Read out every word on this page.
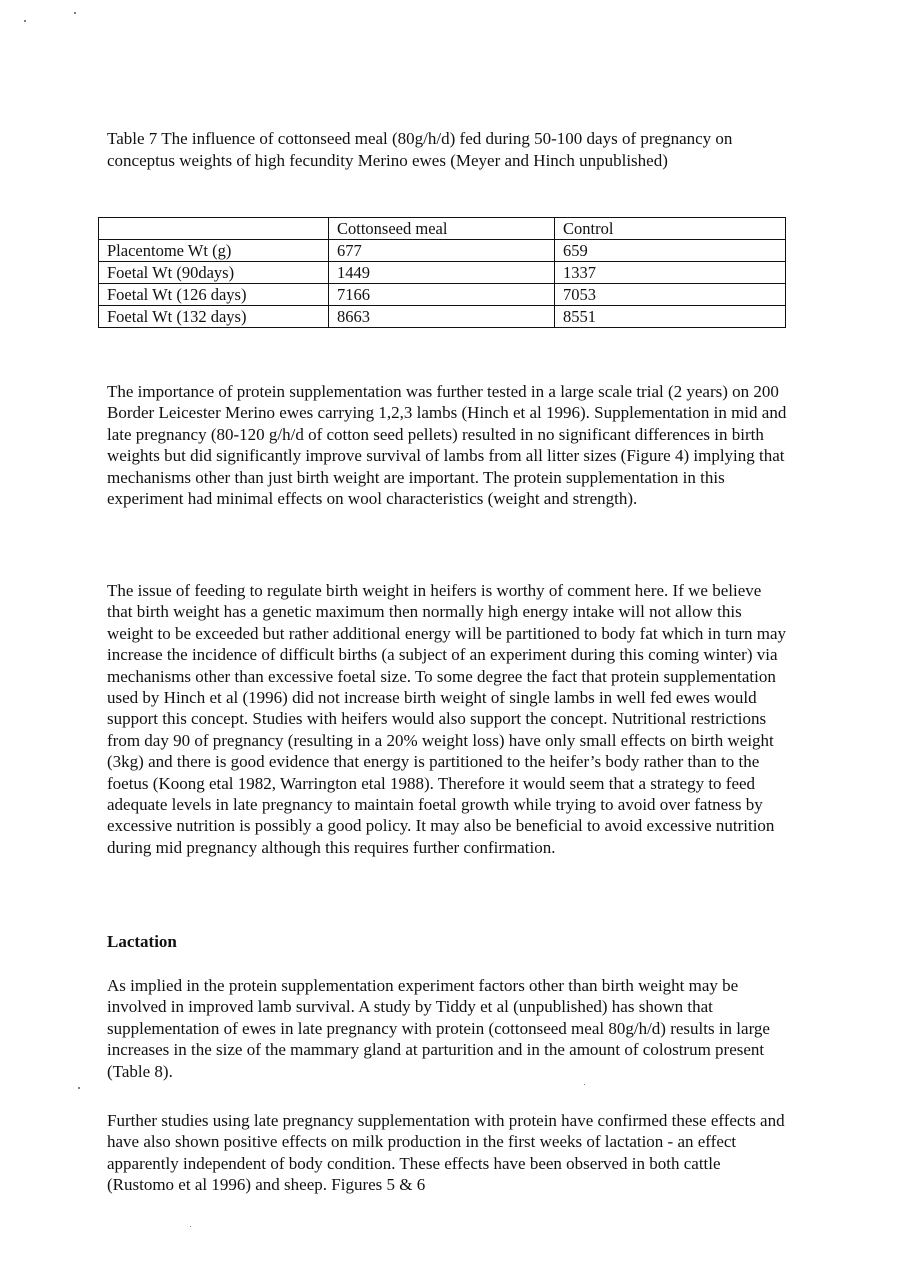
Table 7 The influence of cottonseed meal (80g/h/d) fed during 50-100 days of pregnancy on conceptus weights of high fecundity Merino ewes (Meyer and Hinch unpublished)

	Cottonseed meal	Control
Placentome Wt (g)	677	659
Foetal Wt (90days)	1449	1337
Foetal Wt (126 days)	7166	7053
Foetal Wt (132 days)	8663	8551

The importance of protein supplementation was further tested in a large scale trial (2 years) on 200 Border Leicester Merino ewes carrying 1,2,3 lambs (Hinch et al 1996). Supplementation in mid and late pregnancy (80-120 g/h/d of cotton seed pellets) resulted in no significant differences in birth weights but did significantly improve survival of lambs from all litter sizes (Figure 4) implying that mechanisms other than just birth weight are important. The protein supplementation in this experiment had minimal effects on wool characteristics (weight and strength).

The issue of feeding to regulate birth weight in heifers is worthy of comment here. If we believe that birth weight has a genetic maximum then normally high energy intake will not allow this weight to be exceeded but rather additional energy will be partitioned to body fat which in turn may increase the incidence of difficult births (a subject of an experiment during this coming winter) via mechanisms other than excessive foetal size. To some degree the fact that protein supplementation used by Hinch et al (1996) did not increase birth weight of single lambs in well fed ewes would support this concept. Studies with heifers would also support the concept. Nutritional restrictions from day 90 of pregnancy (resulting in a 20% weight loss) have only small effects on birth weight (3kg) and there is good evidence that energy is partitioned to the heifer’s body rather than to the foetus (Koong etal 1982, Warrington etal 1988). Therefore it would seem that a strategy to feed adequate levels in late pregnancy to maintain foetal growth while trying to avoid over fatness by excessive nutrition is possibly a good policy. It may also be beneficial to avoid excessive nutrition during mid pregnancy although this requires further confirmation.

Lactation

As implied in the protein supplementation experiment factors other than birth weight may be involved in improved lamb survival. A study by Tiddy et al (unpublished) has shown that supplementation of ewes in late pregnancy with protein (cottonseed meal 80g/h/d) results in large increases in the size of the mammary gland at parturition and in the amount of colostrum present (Table 8).

Further studies using late pregnancy supplementation with protein have confirmed these effects and have also shown positive effects on milk production in the first weeks of lactation - an effect apparently independent of body condition. These effects have been observed in both cattle (Rustomo et al 1996) and sheep. Figures 5 & 6
